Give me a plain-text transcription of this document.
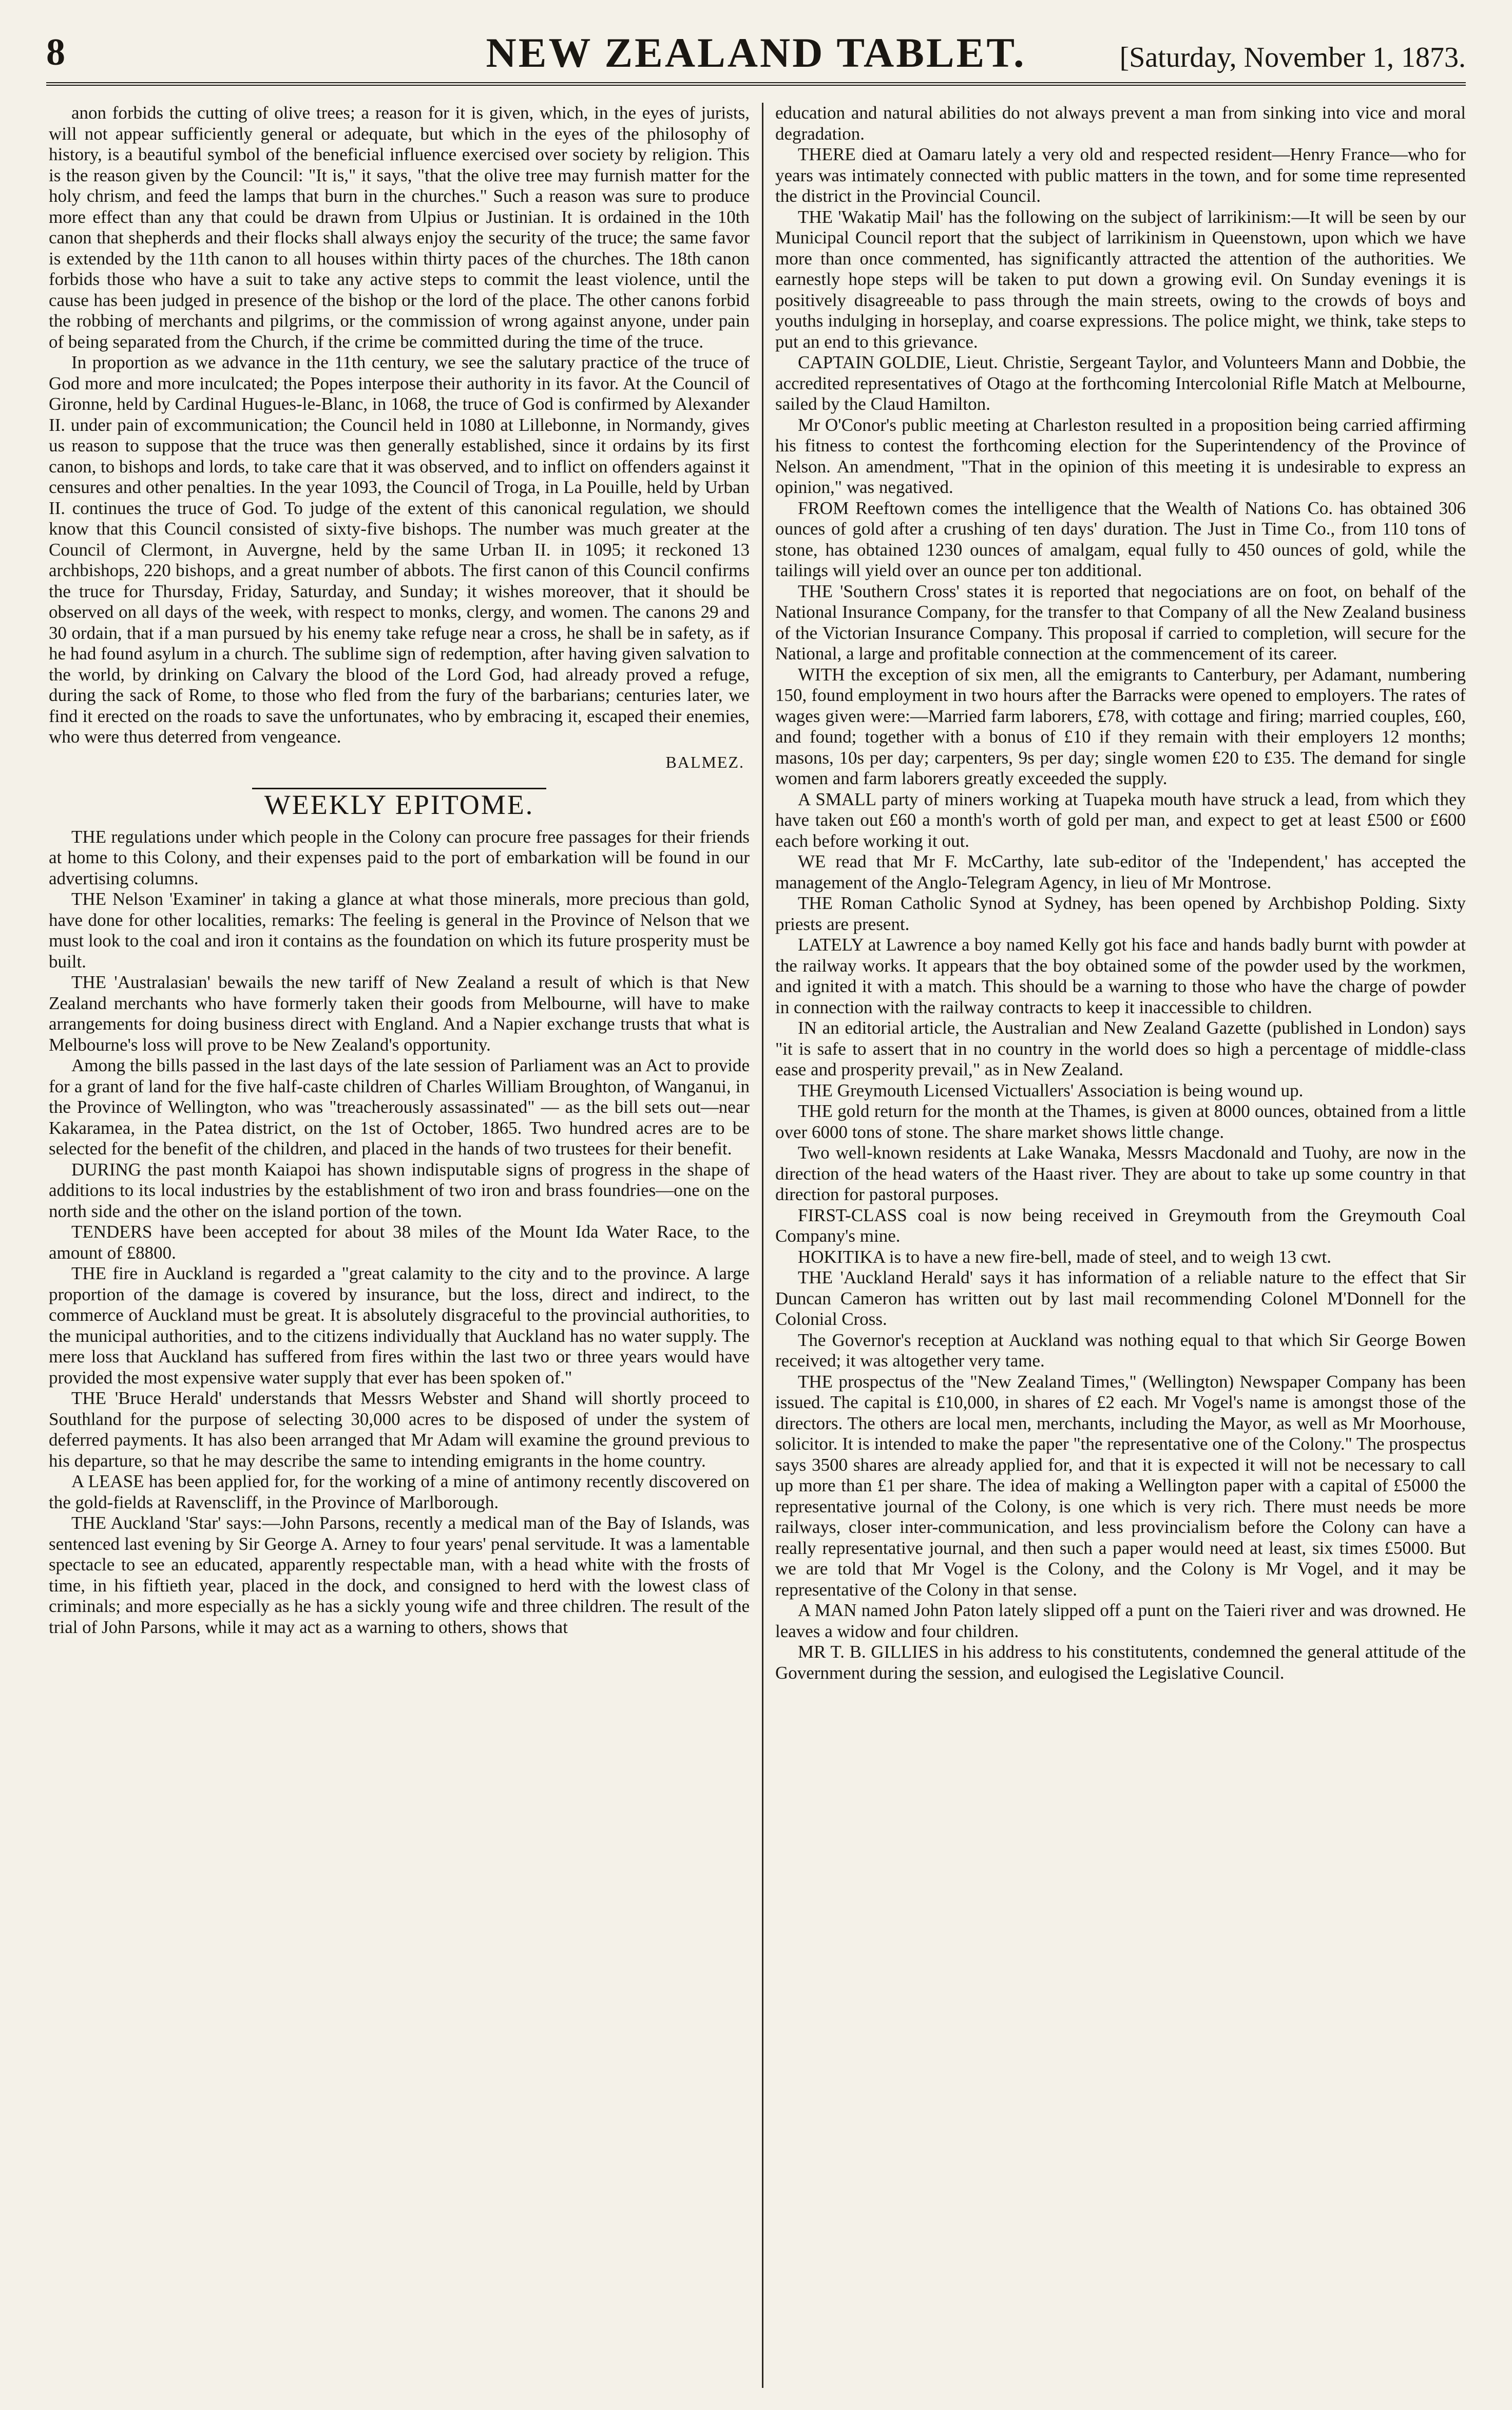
8	NEW ZEALAND TABLET.	[Saturday, November 1, 1873.

anon forbids the cutting of olive trees; a reason for it is given, which, in the eyes of jurists, will not appear sufficiently general or adequate, but which in the eyes of the philosophy of history, is a beautiful symbol of the beneficial influence exercised over society by religion. This is the reason given by the Council: "It is," it says, "that the olive tree may furnish matter for the holy chrism, and feed the lamps that burn in the churches." Such a reason was sure to produce more effect than any that could be drawn from Ulpius or Justinian. It is ordained in the 10th canon that shepherds and their flocks shall always enjoy the security of the truce; the same favor is extended by the 11th canon to all houses within thirty paces of the churches. The 18th canon forbids those who have a suit to take any active steps to commit the least violence, until the cause has been judged in presence of the bishop or the lord of the place. The other canons forbid the robbing of merchants and pilgrims, or the commission of wrong against anyone, under pain of being separated from the Church, if the crime be committed during the time of the truce.

In proportion as we advance in the 11th century, we see the salutary practice of the truce of God more and more inculcated; the Popes interpose their authority in its favor. At the Council of Gironne, held by Cardinal Hugues-le-Blanc, in 1068, the truce of God is confirmed by Alexander II. under pain of excommunication; the Council held in 1080 at Lillebonne, in Normandy, gives us reason to suppose that the truce was then generally established, since it ordains by its first canon, to bishops and lords, to take care that it was observed, and to inflict on offenders against it censures and other penalties. In the year 1093, the Council of Troga, in La Pouille, held by Urban II. continues the truce of God. To judge of the extent of this canonical regulation, we should know that this Council consisted of sixty-five bishops. The number was much greater at the Council of Clermont, in Auvergne, held by the same Urban II. in 1095; it reckoned 13 archbishops, 220 bishops, and a great number of abbots. The first canon of this Council confirms the truce for Thursday, Friday, Saturday, and Sunday; it wishes moreover, that it should be observed on all days of the week, with respect to monks, clergy, and women. The canons 29 and 30 ordain, that if a man pursued by his enemy take refuge near a cross, he shall be in safety, as if he had found asylum in a church. The sublime sign of redemption, after having given salvation to the world, by drinking on Calvary the blood of the Lord God, had already proved a refuge, during the sack of Rome, to those who fled from the fury of the barbarians; centuries later, we find it erected on the roads to save the unfortunates, who by embracing it, escaped their enemies, who were thus deterred from vengeance.

BALMEZ.

WEEKLY EPITOME.

THE regulations under which people in the Colony can procure free passages for their friends at home to this Colony, and their expenses paid to the port of embarkation will be found in our advertising columns.

THE Nelson 'Examiner' in taking a glance at what those minerals, more precious than gold, have done for other localities, remarks: The feeling is general in the Province of Nelson that we must look to the coal and iron it contains as the foundation on which its future prosperity must be built.

THE 'Australasian' bewails the new tariff of New Zealand a result of which is that New Zealand merchants who have formerly taken their goods from Melbourne, will have to make arrangements for doing business direct with England. And a Napier exchange trusts that what is Melbourne's loss will prove to be New Zealand's opportunity.

Among the bills passed in the last days of the late session of Parliament was an Act to provide for a grant of land for the five half-caste children of Charles William Broughton, of Wanganui, in the Province of Wellington, who was "treacherously assassinated" — as the bill sets out—near Kakaramea, in the Patea district, on the 1st of October, 1865. Two hundred acres are to be selected for the benefit of the children, and placed in the hands of two trustees for their benefit.

DURING the past month Kaiapoi has shown indisputable signs of progress in the shape of additions to its local industries by the establishment of two iron and brass foundries—one on the north side and the other on the island portion of the town.

TENDERS have been accepted for about 38 miles of the Mount Ida Water Race, to the amount of £8800.

THE fire in Auckland is regarded a "great calamity to the city and to the province. A large proportion of the damage is covered by insurance, but the loss, direct and indirect, to the commerce of Auckland must be great. It is absolutely disgraceful to the provincial authorities, to the municipal authorities, and to the citizens individually that Auckland has no water supply. The mere loss that Auckland has suffered from fires within the last two or three years would have provided the most expensive water supply that ever has been spoken of."

THE 'Bruce Herald' understands that Messrs Webster and Shand will shortly proceed to Southland for the purpose of selecting 30,000 acres to be disposed of under the system of deferred payments. It has also been arranged that Mr Adam will examine the ground previous to his departure, so that he may describe the same to intending emigrants in the home country.

A LEASE has been applied for, for the working of a mine of antimony recently discovered on the gold-fields at Ravenscliff, in the Province of Marlborough.

THE Auckland 'Star' says:—John Parsons, recently a medical man of the Bay of Islands, was sentenced last evening by Sir George A. Arney to four years' penal servitude. It was a lamentable spectacle to see an educated, apparently respectable man, with a head white with the frosts of time, in his fiftieth year, placed in the dock, and consigned to herd with the lowest class of criminals; and more especially as he has a sickly young wife and three children. The result of the trial of John Parsons, while it may act as a warning to others, shows that

education and natural abilities do not always prevent a man from sinking into vice and moral degradation.

THERE died at Oamaru lately a very old and respected resident—Henry France—who for years was intimately connected with public matters in the town, and for some time represented the district in the Provincial Council.

THE 'Wakatip Mail' has the following on the subject of larrikinism:—It will be seen by our Municipal Council report that the subject of larrikinism in Queenstown, upon which we have more than once commented, has significantly attracted the attention of the authorities. We earnestly hope steps will be taken to put down a growing evil. On Sunday evenings it is positively disagreeable to pass through the main streets, owing to the crowds of boys and youths indulging in horseplay, and coarse expressions. The police might, we think, take steps to put an end to this grievance.

CAPTAIN GOLDIE, Lieut. Christie, Sergeant Taylor, and Volunteers Mann and Dobbie, the accredited representatives of Otago at the forthcoming Intercolonial Rifle Match at Melbourne, sailed by the Claud Hamilton.

Mr O'Conor's public meeting at Charleston resulted in a proposition being carried affirming his fitness to contest the forthcoming election for the Superintendency of the Province of Nelson. An amendment, "That in the opinion of this meeting it is undesirable to express an opinion," was negatived.

FROM Reeftown comes the intelligence that the Wealth of Nations Co. has obtained 306 ounces of gold after a crushing of ten days' duration. The Just in Time Co., from 110 tons of stone, has obtained 1230 ounces of amalgam, equal fully to 450 ounces of gold, while the tailings will yield over an ounce per ton additional.

THE 'Southern Cross' states it is reported that negociations are on foot, on behalf of the National Insurance Company, for the transfer to that Company of all the New Zealand business of the Victorian Insurance Company. This proposal if carried to completion, will secure for the National, a large and profitable connection at the commencement of its career.

WITH the exception of six men, all the emigrants to Canterbury, per Adamant, numbering 150, found employment in two hours after the Barracks were opened to employers. The rates of wages given were:—Married farm laborers, £78, with cottage and firing; married couples, £60, and found; together with a bonus of £10 if they remain with their employers 12 months; masons, 10s per day; carpenters, 9s per day; single women £20 to £35. The demand for single women and farm laborers greatly exceeded the supply.

A SMALL party of miners working at Tuapeka mouth have struck a lead, from which they have taken out £60 a month's worth of gold per man, and expect to get at least £500 or £600 each before working it out.

WE read that Mr F. McCarthy, late sub-editor of the 'Independent,' has accepted the management of the Anglo-Telegram Agency, in lieu of Mr Montrose.

THE Roman Catholic Synod at Sydney, has been opened by Archbishop Polding. Sixty priests are present.

LATELY at Lawrence a boy named Kelly got his face and hands badly burnt with powder at the railway works. It appears that the boy obtained some of the powder used by the workmen, and ignited it with a match. This should be a warning to those who have the charge of powder in connection with the railway contracts to keep it inaccessible to children.

IN an editorial article, the Australian and New Zealand Gazette (published in London) says "it is safe to assert that in no country in the world does so high a percentage of middle-class ease and prosperity prevail," as in New Zealand.

THE Greymouth Licensed Victuallers' Association is being wound up.

THE gold return for the month at the Thames, is given at 8000 ounces, obtained from a little over 6000 tons of stone. The share market shows little change.

Two well-known residents at Lake Wanaka, Messrs Macdonald and Tuohy, are now in the direction of the head waters of the Haast river. They are about to take up some country in that direction for pastoral purposes.

FIRST-CLASS coal is now being received in Greymouth from the Greymouth Coal Company's mine.

HOKITIKA is to have a new fire-bell, made of steel, and to weigh 13 cwt.

THE 'Auckland Herald' says it has information of a reliable nature to the effect that Sir Duncan Cameron has written out by last mail recommending Colonel M'Donnell for the Colonial Cross.

The Governor's reception at Auckland was nothing equal to that which Sir George Bowen received; it was altogether very tame.

THE prospectus of the "New Zealand Times," (Wellington) Newspaper Company has been issued. The capital is £10,000, in shares of £2 each. Mr Vogel's name is amongst those of the directors. The others are local men, merchants, including the Mayor, as well as Mr Moorhouse, solicitor. It is intended to make the paper "the representative one of the Colony." The prospectus says 3500 shares are already applied for, and that it is expected it will not be necessary to call up more than £1 per share. The idea of making a Wellington paper with a capital of £5000 the representative journal of the Colony, is one which is very rich. There must needs be more railways, closer inter-communication, and less provincialism before the Colony can have a really representative journal, and then such a paper would need at least, six times £5000. But we are told that Mr Vogel is the Colony, and the Colony is Mr Vogel, and it may be representative of the Colony in that sense.

A MAN named John Paton lately slipped off a punt on the Taieri river and was drowned. He leaves a widow and four children.

MR T. B. GILLIES in his address to his constitutents, condemned the general attitude of the Government during the session, and eulogised the Legislative Council.
